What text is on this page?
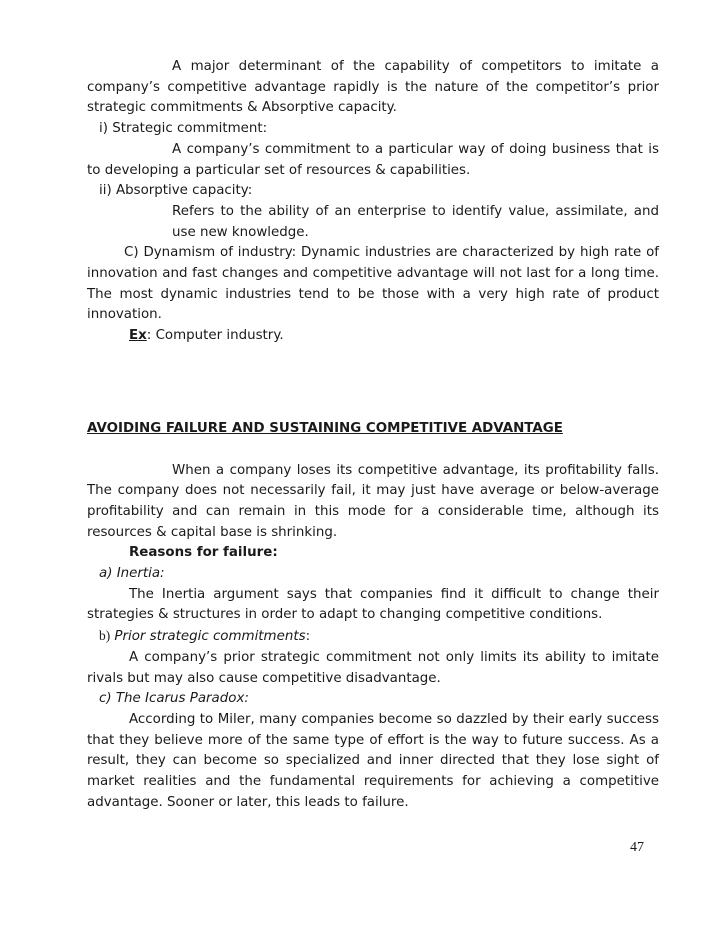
A major determinant of the capability of competitors to imitate a company’s competitive advantage rapidly is the nature of the competitor’s prior strategic commitments & Absorptive capacity.

i) Strategic commitment:

A company’s commitment to a particular way of doing business that is to developing a particular set of resources & capabilities.

ii) Absorptive capacity:

Refers to the ability of an enterprise to identify value, assimilate, and use new knowledge.

C) Dynamism of industry: Dynamic industries are characterized by high rate of innovation and fast changes and competitive advantage will not last for a long time. The most dynamic industries tend to be those with a very high rate of product innovation.

Ex: Computer industry.

AVOIDING FAILURE AND SUSTAINING COMPETITIVE ADVANTAGE

When a company loses its competitive advantage, its profitability falls. The company does not necessarily fail, it may just have average or below-average profitability and can remain in this mode for a considerable time, although its resources & capital base is shrinking.

Reasons for failure:

a) Inertia:

The Inertia argument says that companies find it difficult to change their strategies & structures in order to adapt to changing competitive conditions.

b) Prior strategic commitments:

A company’s prior strategic commitment not only limits its ability to imitate rivals but may also cause competitive disadvantage.

c) The Icarus Paradox:

According to Miler, many companies become so dazzled by their early success that they believe more of the same type of effort is the way to future success. As a result, they can become so specialized and inner directed that they lose sight of market realities and the fundamental requirements for achieving a competitive advantage. Sooner or later, this leads to failure.

47
